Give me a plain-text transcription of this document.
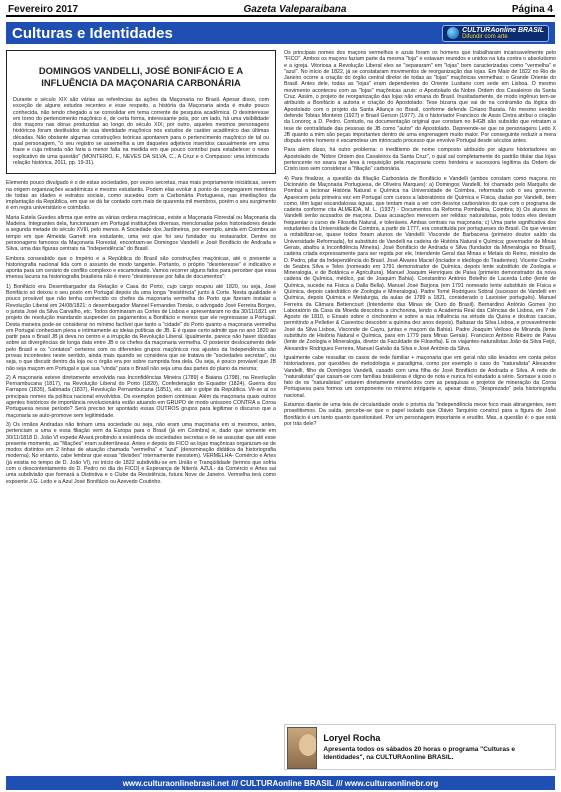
Fevereiro 2017	Gazeta Valeparaibana	Página 4
Culturas e Identidades	CULTURAonline BRASIL
Difundir com arte
DOMINGOS VANDELLI, JOSÉ BONIFÁCIO E A INFLUÊNCIA DA MAÇONARIA CARBONÁRIA

Durante o século XIX são várias as referências às ações da Maçonaria no Brasil. Apesar disso, com exceção de alguns estudos recentes e esse respeito, a história da Maçonaria ainda é muito pouco conhecida, não tendo chegado a se consolidar em tema corrente de pesquisa acadêmica. O desinteresse em torno do pertencimento maçônico é, de certa forma, interessante pois, por um lado, há uma visibilidade dos maçons nas obras produzidas ao longo do século XIX; por outro, aqueles mesmos personagens históricos foram destituídos de sua identidade maçônica nos estudos de caráter acadêmico das últimas décadas. Não obstante algumas construções teóricas apontarem para o pertencimento maçônico de tal ou qual personagem, "o seu registro se assemelha a um daqueles adjetivos inseridos casualmente em uma frase e cuja retirada não faria a menor falta na medida em que pouco contribui para estabelecer o nexo explicativo de uma questão" (MONTEIRO, F., NEVES DA SILVA, C., A Cruz e o Compasso: uma intrincada relação histórica, 2011, pp. 19-31).

Elemento pouco divulgado é o de estas sociedades, por vezes secretas, mas mais propriamente iniciáticas, serem na origem organizações académicas e mesmo estudantis. Podem elas evoluir à ponto de congregarem membros de todas as idades e estratos sociais, como sucedeu com a Carbonária Portuguesa, nas imediações da implantação da República, em que se dá far contado com mais de quarenta mil membros, porém o seu surgimento é em regra universitário e coimbrão.

Maria Estela Guedes afirma que entre as várias ordens maçónicas, existe a Maçonaria Florestal ou Maçonaria da Madeira. Integrantes dela, funcionaram em Portugal instituições diversas, mencionadas pelos historiadores desde a segunda metade do século XVIII, pelo menos. A Sociedade dos Jardineiros, por exemplo, ainda em Coimbra ao tempo em que Almeida Garrett era estudante, uma vez que foi seu fundador ou restaurador. Dentre os personagens famosos da Maçonaria Florestal, encontram-se Domingos Vandelli e José Bonifácio de Andrada e Silva, uma das figuras centrais na "Independência" do Brasil.

Embora conseabido que o Império e a República do Brasil são construções maçónicas, até o presente a historiografia nacional lida com o assunto de modo tangente. Portanto, o próprio "desinteresse" é indicativo e aponta para um cenário de conflito complexo e escamoteado. Vamos recorrer alguns fatos para perceber que essa imensa lacuna na historiografia brasileira não é mero "desinteresse por falta de documentos":

1) Bonifácio era Desembargador da Relação e Casa do Porto, cujo cargo ocupou até 1820, ou seja, José Bonifácio só deixou o seu posto em Portugal depois da uma longa "insistência" junto à Corte. Nesta qualidade é pouco provável que não tenha conhecido os chefes da maçonaria vermelha do Porto que fizeram instalar a Revolução Liberal em 24/08/1821: o desembargador Manoel Fernandes Tomás, o advogado José Ferreira Borges, o jurista José da Silva Carvalho, etc. Todos dominaram as Cortes de Lisboa e apresentaram no dia 30/11/1821 um projeto de resolução mandando suspender os pagamentos a Bonifácio e menos que ele regressasse a Portugal. Desta maneira pode-se considerar no mínimo factível que tanto a "cidade" do Porto quanto a maçonaria vermelha em Portugal conheciam plena e intimamente as ideias políticas de JB. E é quase certo admitir que no ano 1820 ao partir para o Brasil JB já deva no centro e a irrupção da Revolução Liberal. Igualmente, parece não haver dúvidas sobre as divergências de longa data entre JB e os chefes da maçonaria vermelha. O posterior deslocamento dele pelo Brasil e os "contatos" certeiros com os diferentes grupos maçônicos nos ajustes da Independência são provas incontestes neste sentido, ainda mais quando se considera que se tratava de "sociedades secretas", ou seja, o que discutir dentro da loja ou o órgão era por sobre cumprida fora dela. Ou seja, é pouco provável que JB não seja maçom em Portugal e que sua "vinda" para o Brasil não seja uma das partes do plano da mesma;

2) A maçonaria esteve diretamente envolvida nas Inconfidências Mineira (1789) e Baiana (1798), na Revolução Pernambucana (1817), na Revolução Liberal do Porto (1820), Confederação do Equador (1824), Guerra dos Farrapos (1835), Sabinada (1837), Revolução Pernambucana (1851), etc. até o golpe da República. Vê-se aí os principais nomes da política nacional envolvidos. Os exemplos podem continuar. Além da maçonaria quais outros agentes históricos de importância revolucionária estão atuando em GRUPO de modo unissono CONTRA a Coroa Portuguesa nesse período? Será preciso ter apontado essas OUTROS grupos para legitimar o discurso que a maçonaria se auto-promove sem legitimidade.

3) Os irmãos Andradas não tinham uma sociedade ou seja, não eram uma maçonaria em si mesmos, antes, pertenciam a uma e essa filiação vem da Europa para o Brasil (já em Coimbra) e, dado que somente em 30/11/1818 D. João VI expede Alvará proibindo a existência de sociedades secretas e de se assustar que até esse presente momento, as "filiações" eram subterrâneas. Antes e depois do FICO as lojas maçônicas organizam-se de modos distintos em 2 linhas de atuação chamada "vermelha" e "azul" (denominação didática da historiografia moderna). No entanto, cabe lembrar que essas "divisões" internamente inexistem). VERMELHA- Comércio e Artes (já existia no tempo de D. João VI), no início de 1822 subdividiu-se em União e Tranqüilidade (termos que sofria com o descontentamento do D. Pedro no dia do FICO) e Esperança de Niterói. AZUL- da Comércio e Artes sai uma subdivisão que formará a Distintiva e o Clube da Resistência, futura Nove de Janeiro. Vermelha terá como expoente J.G. Ledo e a Azul José Bonifácio ou Azevedo Coutinho.

Os principais nomes dos maçons vermelhos e azuis foram os homens que trabalharam incansavelmente pelo "FICO". Ambos os maçons faziam parte da mesma "loja" e estavam reunidos e unidos na luta contra o absolutismo e a igreja. Vitoriosa a Revolução Liberal eles se "separaram" em "lojas" bem caracterizadas como "vermelha" e "azul". No início de 1822, já se constataram movimentos de reorganização das lojas. Em Maio de 1822 no Rio de Janeiro ocorre a criação do órgão central diretor de todas as "lojas" maçônicas vermelhas: o Grande Oriente do Brasil. Antes dele, todas as "lojas" eram dependentes do Oriente Lusitano com sede em Lisboa. O mesmo movimento aconteceu com as "lojas" maçônicas azuis: o Apostolado da Nobre Ordem dos Cavaleiros da Santa Cruz. Assim, o projeto de reorganização das lojas não emana do Brasil. Inusitadamente, de modo ingênuo tem-se atribuído a Bonifácio a autoria e criação do Apostolado. Tese bizarra que vai de na contramão da lógica do Apostolado com o projeto da Santa Aliança no Brasil, conforme defende Ciriano Barata. No mesmo sentido defende Tobias Monteiro (1927) e Brasil Gerson (1977). Já o historiador Francisco de Assis Cintra atribui o criação da Lonoroç a D. Pedro. Contudo, na documentação original que constam no IHGB são subsídio que retratam a tese de centralidade das pessoas de JB como "autor" do Apostolado. Depreende-se que os personagens Ledo X JB quanto a mim são peças importantes dentro de uma engrenagem muito maior. Por conseguinte reduzir a mera disputa entre homens é escamotear um intrincado processo que envolve Portugal desde séculos antes.

Para além disso, há outro problema: o ineditismo de nome composto atribuído por alguns historiadores ao Apostolado de "Nobre Ordem dos Cavaleiros da Santa Cruz", o qual sal completamente do padrão titular das lojas pertencente no seara que leva à requisição pela maçonaria como herdeira e sucessora legítima da Ordem de Cristo isso sem considerar a "filiação" carbonária.

4) Para finalizar, a questão da filiação Carbonária de Bonifácio e Vandelli (ambos constam como maçons no Dicionário de Maçonaria Portuguesa, de Oliveira Marques): a) Domingos Vandelli, foi chamado pelo Marquês de Pombal a lecionar História Natural e Química na Universidade de Coimbra, reformada sob o seu governo. Aparecem pela primeira vez em Portugal com cursos a laboratórios de Química e Física, dadas por Vandelli, bem como, têm lugar escandalosas águas, que tentam mais a ver com desvios carbonários do que com o programa de cadeira conforme cita ALMEIDA, M. L. (1937) - Documentos da Reforma Pombalina, Coimbra; b) Os alunos de Vandelli serão acusados de maçons. Duas acusações merecem ser relidas: naturalistas, pois todos eles deviam frequentar o curso de Filosofia Natural, e toleráveis. Ambas centrais na maçonaria; c) Uma parte significativa dos estudantes da Universidade de Coimbra, a partir de 1777, era constituída por portugueses do Brasil. Os que vieram a notabilizar-se, quase todos foram alunos de Vandelli: Visconde de Barbacena (primeiro doutor saído da Universidade Reformada), foi substituto de Vandelli na cadeira de História Natural e Química; governador de Minas Gerais, abafou a Inconfidência Mineira). José Bonifácio de Andrada e Silva (fundador da Mineralogia no Brasil), cadeira criada expressamente para ser regida por ele, Intendente Geral das Minas e Metais do Reino, ministro de D. Pedro, pilar da Independência do Brasil. José Álvares Maciel (inciador e ideólogo do Tiradentes). Vicente Coelho de Seabra Silva e Teles (nomeado em 1791 demonstrador de Química, depois lente substituto de Zoologia e Mineralogia, e de Botânica e Agricultura). Manuel Joaquim Henriques de Paiva (primeiro demonstrador da nova cadeira de Química, médico, pai de Joaquim Bahia). Constantino António Botelho de Lacerda Lobo (lente de Química, sucede na Física a Dalla Bella). Manuel José Barjona (em 1791 nomeado lente substituto de Física e Química, depois catedrático de Zoologia e Mineralogia). Padre Tomé Rodrigues Sobral (sucessor de Vandelli em Química, depois Química e Metalurgia, da aulas de 1789 a 1821, considerado o Lavoisier português). Manuel Ferreira da Câmara Bettencourt (Intendente das Minas de Ouro do Brasil). Bernardino António Gomes (no Laboratório da Casa da Moeda descobriu a cinchonina, lendo a Academia Real das Ciências de Lisboa, em 7 de Agosto de 1810, o Ensaio sobre o cinchonino e sobre a sua influência na virtude da Quina e doutras cascas, permitindo a Pelletier & Caventou descobrir a quinina dez anos depois). Baltasar da Silva Lisboa, e provavelmente José da Silva Lisboa, Visconde de Cayru, juntas e maçom da Bahia). Padre Joaquim Velloso de Miranda (lente substituto de História Natural e Química, para em 1779 para Minas Gerais). Francisco António Ribeiro de Paiva (lente de Zoologia e Mineralogia, diretor da Faculdade de Filosofia). E os viajantes-naturalistas João da Silva Feijó, Alexandre Rodrigues Ferreira, Manuel Galvão da Silva e José António da Silva.

Igualmente cabe ressaltar os casos de rede familiar + maçonaria que em geral não são levados em conta pelos historiadores, por questões de metodologia e paradigma, como por exemplo o caso do "naturalista" Alexandre Vandelli, filho de Domingos Vandelli, casado com uma filha de José Bonifácio de Andrada e Silva. A rede de "naturalistas" que casam-se com famílias brasileiras é digno de nota e nunca foi estudado a sério. Somase a isso o fato de os "naturalistas" estarem diretamente envolvidos com as pesquisas e projetos de mineração da Coroa Portuguesa para formos um componente no mínimo intrigante e, apesar disso, "desprezado" pela historiografia nacional.

Estamos diante de uma teia de circularidade onde o prisma da "independência mexe foco mais abrangentes, sem proselitismos. Da saída, percebe-se que o papel isolado que Olávio Tarquínio construí para a figura de José Bonifácio é um tanto quanto questionável. Por um personagem importante e erudito. Mas, a questão é: o que está por trás dele?

Loryel Rocha
Apresenta todos os sábados 20 horas o programa "Culturas e Identidades", na CULTURAonline BRASIL.
www.culturaonlinebrasil.net /// CULTURAonline BRASIL /// www.culturaonlinebr.org
